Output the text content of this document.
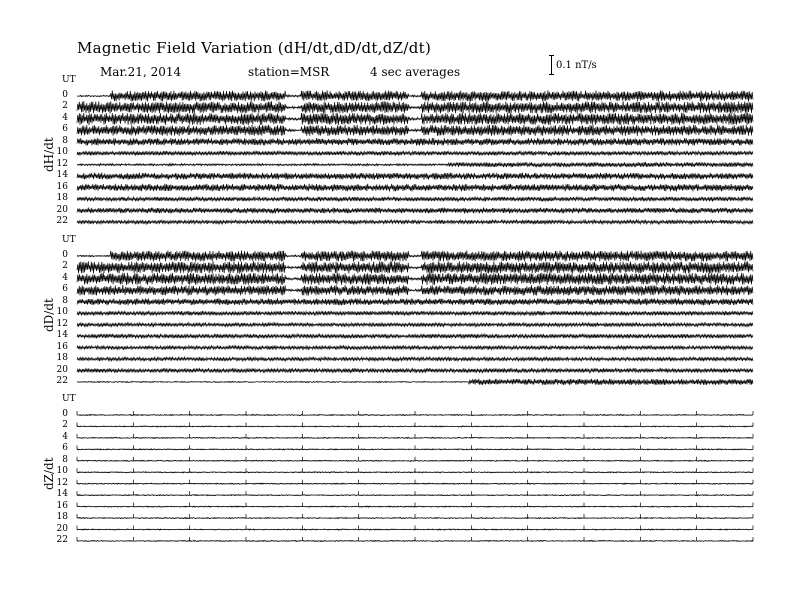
Magnetic Field Variation (dH/dt,dD/dt,dZ/dt)
Mar.21, 2014	station=MSR	4 sec averages	0.1 nT/s
UT
dH/dt
0
2
4
6
8
10
12
14
16
18
20
22
UT
dD/dt
0
2
4
6
8
10
12
14
16
18
20
22
UT
dZ/dt
0
2
4
6
8
10
12
14
16
18
20
22
